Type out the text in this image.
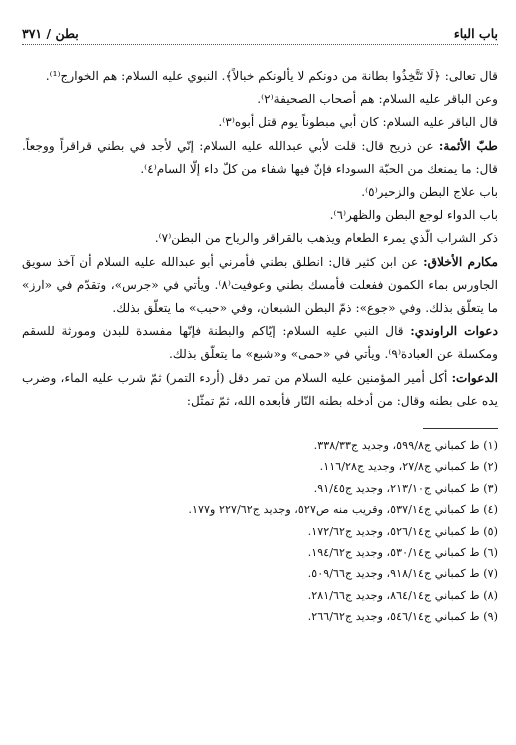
باب الباء
بطن / ٣٧١

قال تعالى: ﴿لَا تَتَّخِذُوا بطانة من دونكم لا يألونكم خبالاً﴾. النبوي عليه السلام: هم الخوارج⁽¹⁾.

وعن الباقر عليه السلام: هم أصحاب الصحيفة⁽٢⁾.

قال الباقر عليه السلام: كان أبي مبطوناً يوم قتل أبوه⁽٣⁾.

طبّ الأئمة: عن ذريح قال: قلت لأبي عبدالله عليه السلام: إنّي لأجد في بطني قراقراً ووجعاً. قال: ما يمنعك من الحبّة السوداء فإنّ فيها شفاء من كلّ داء إلّا السام⁽٤⁾.

باب علاج البطن والزحير⁽٥⁾.

باب الدواء لوجع البطن والظهر⁽٦⁾.

ذكر الشراب الّذي يمرء الطعام ويذهب بالقراقر والرياح من البطن⁽٧⁾.

مكارم الأخلاق: عن ابن كثير قال: انطلق بطني فأمرني أبو عبدالله عليه السلام أن آخذ سويق الجاورس بماء الكمون ففعلت فأمسك بطني وعوفيت⁽٨⁾. ويأتي في «جرس»، وتقدّم في «ارز» ما يتعلّق بذلك. وفي «جوع»: ذمّ البطن الشبعان، وفي «حبب» ما يتعلّق بذلك.

دعوات الراوندي: قال النبي عليه السلام: إيّاكم والبطنة فإنّها مفسدة للبدن ومورثة للسقم ومكسلة عن العبادة⁽٩⁾. ويأتي في «حمى» و«شبع» ما يتعلّق بذلك.

الدعوات: أكل أمير المؤمنين عليه السلام من تمر دقل (أردء التمر) ثمّ شرب عليه الماء، وضرب يده على بطنه وقال: من أدخله بطنه النّار فأبعده الله، ثمّ تمثّل:

(١) ط كمباني ج٥٩٩/٨، وجديد ج٣٣٨/٣٣.

(٢) ط كمباني ج٢٧/٨، وجديد ج١١٦/٢٨.

(٣) ط كمباني ج٢١٣/١٠، وجديد ج٩١/٤٥.

(٤) ط كمباني ج٥٣٧/١٤، وقريب منه ص٥٢٧، وجديد ج٢٢٧/٦٢ و١٧٧.

(٥) ط كمباني ج٥٢٦/١٤، وجديد ج١٧٢/٦٢.

(٦) ط كمباني ج٥٣٠/١٤، وجديد ج١٩٤/٦٢.

(٧) ط كمباني ج٩١٨/١٤، وجديد ج٥٠٩/٦٦.

(٨) ط كمباني ج٨٦٤/١٤، وجديد ج٢٨١/٦٦.

(٩) ط كمباني ج٥٤٦/١٤، وجديد ج٢٦٦/٦٢.
